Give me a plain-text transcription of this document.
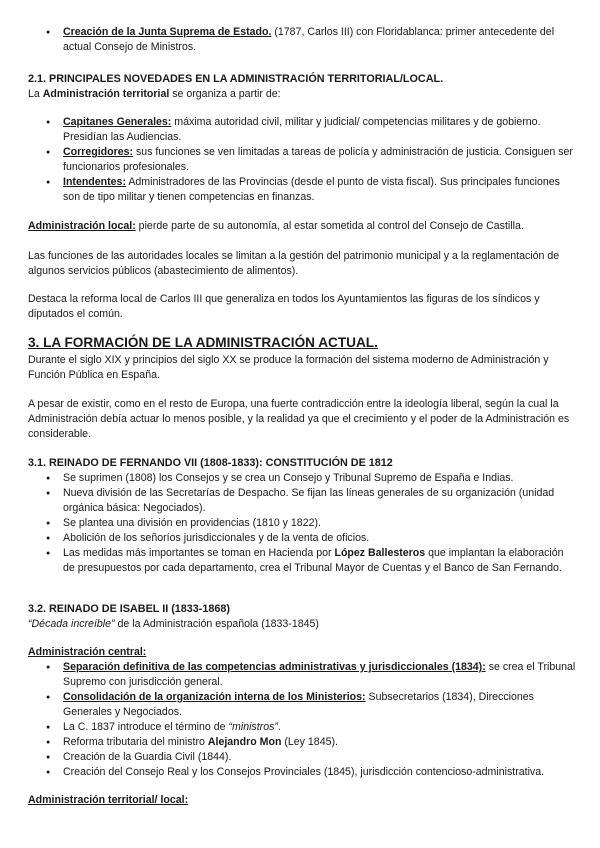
● Creación de la Junta Suprema de Estado. (1787, Carlos III) con Floridablanca: primer antecedente del actual Consejo de Ministros.
2.1. PRINCIPALES NOVEDADES EN LA ADMINISTRACIÓN TERRITORIAL/LOCAL.
La Administración territorial se organiza a partir de:
● Capitanes Generales: máxima autoridad civil, militar y judicial/ competencias militares y de gobierno. Presidían las Audiencias.
● Corregidores: sus funciones se ven limitadas a tareas de policía y administración de justicia. Consiguen ser funcionarios profesionales.
● Intendentes: Administradores de las Provincias (desde el punto de vista fiscal). Sus principales funciones son de tipo militar y tienen competencias en finanzas.
Administración local: pierde parte de su autonomía, al estar sometida al control del Consejo de Castilla.

Las funciones de las autoridades locales se limitan a la gestión del patrimonio municipal y a la reglamentación de algunos servicios públicos (abastecimiento de alimentos).

Destaca la reforma local de Carlos III que generaliza en todos los Ayuntamientos las figuras de los síndicos y diputados el común.

3. LA FORMACIÓN DE LA ADMINISTRACIÓN ACTUAL.

Durante el siglo XIX y principios del siglo XX se produce la formación del sistema moderno de Administración y Función Pública en España.

A pesar de existir, como en el resto de Europa, una fuerte contradicción entre la ideología liberal, según la cual la Administración debía actuar lo menos posible, y la realidad ya que el crecimiento y el poder de la Administración es considerable.

3.1. REINADO DE FERNANDO VII (1808-1833): CONSTITUCIÓN DE 1812
● Se suprimen (1808) los Consejos y se crea un Consejo y Tribunal Supremo de España e Indias.
● Nueva división de las Secretarías de Despacho. Se fijan las líneas generales de su organización (unidad orgánica básica: Negociados).
● Se plantea una división en providencias (1810 y 1822).
● Abolición de los señoríos jurisdiccionales y de la venta de oficios.
● Las medidas más importantes se toman en Hacienda por López Ballesteros que implantan la elaboración de presupuestos por cada departamento, crea el Tribunal Mayor de Cuentas y el Banco de San Fernando.
3.2. REINADO DE ISABEL II (1833-1868)
“Década increíble” de la Administración española (1833-1845)
Administración central:
● Separación definitiva de las competencias administrativas y jurisdiccionales (1834): se crea el Tribunal Supremo con jurisdicción general.
● Consolidación de la organización interna de los Ministerios: Subsecretarios (1834), Direcciones Generales y Negociados.
● La C. 1837 introduce el término de “ministros”.
● Reforma tributaria del ministro Alejandro Mon (Ley 1845).
● Creación de la Guardia Civil (1844).
● Creación del Consejo Real y los Consejos Provinciales (1845), jurisdicción contencioso-administrativa.
Administración territorial/ local:
